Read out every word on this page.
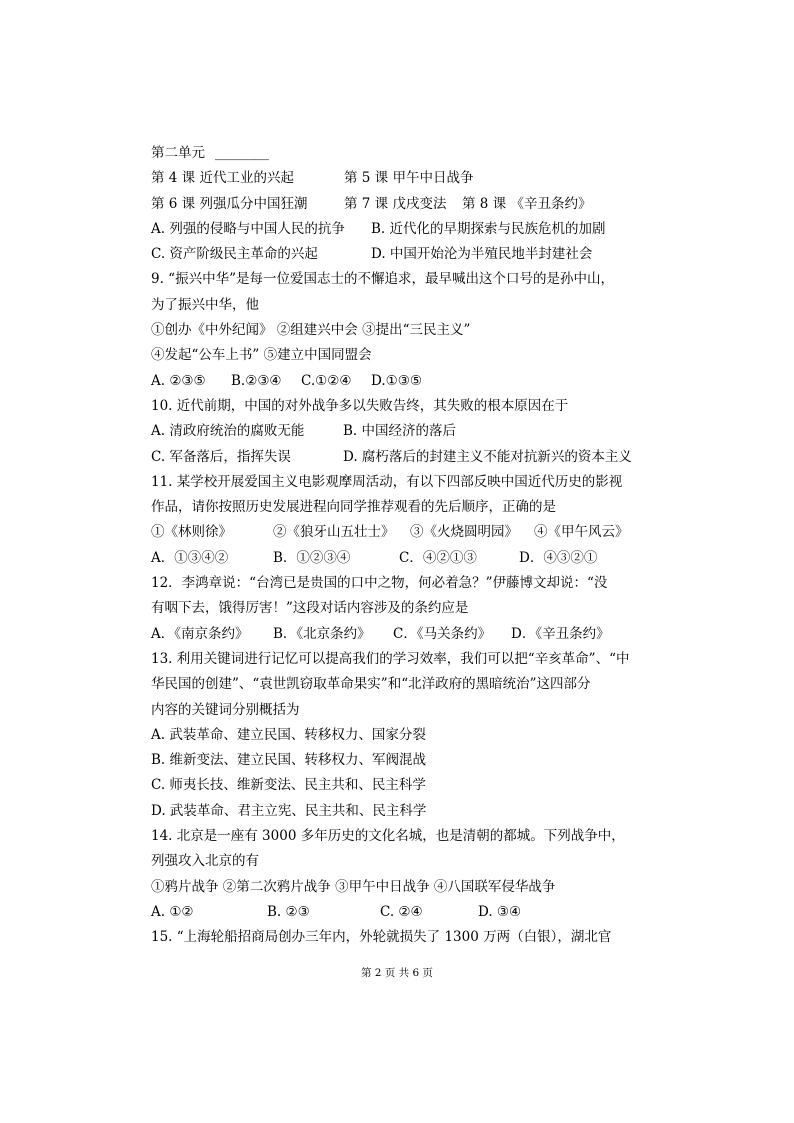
第二单元 ________
第 4 课 近代工业的兴起	第 5 课 甲午中日战争
第 6 课 列强瓜分中国狂潮	第 7 课 戊戌变法	第 8 课 《辛丑条约》
A. 列强的侵略与中国人民的抗争	B. 近代化的早期探索与民族危机的加剧
C. 资产阶级民主革命的兴起	D. 中国开始沦为半殖民地半封建社会
9. “振兴中华”是每一位爱国志士的不懈追求，最早喊出这个口号的是孙中山，
为了振兴中华，他
①创办《中外纪闻》 ②组建兴中会 ③提出“三民主义”
④发起“公车上书” ⑤建立中国同盟会
A. ②③⑤	B.②③④	C.①②④	D.①③⑤
10. 近代前期，中国的对外战争多以失败告终，其失败的根本原因在于
A. 清政府统治的腐败无能	B. 中国经济的落后
C. 军备落后，指挥失误	D. 腐朽落后的封建主义不能对抗新兴的资本主义
11. 某学校开展爱国主义电影观摩周活动，有以下四部反映中国近代历史的影视
作品，请你按照历史发展进程向同学推荐观看的先后顺序，正确的是
①《林则徐》	②《狼牙山五壮士》	③《火烧圆明园》	④《甲午风云》
A．①③④②	B．①②③④	C．④②①③	D．④③②①
12．李鸿章说：“台湾已是贵国的口中之物，何必着急？”伊藤博文却说：“没
有咽下去，饿得厉害！”这段对话内容涉及的条约应是
A．《南京条约》	B．《北京条约》	C．《马关条约》	D．《辛丑条约》
13. 利用关键词进行记忆可以提高我们的学习效率，我们可以把“辛亥革命”、“中
华民国的创建”、“袁世凯窃取革命果实”和“北洋政府的黑暗统治”这四部分
内容的关键词分别概括为
A. 武装革命、建立民国、转移权力、国家分裂
B. 维新变法、建立民国、转移权力、军阀混战
C. 师夷长技、维新变法、民主共和、民主科学
D. 武装革命、君主立宪、民主共和、民主科学
14. 北京是一座有 3000 多年历史的文化名城，也是清朝的都城。下列战争中，
列强攻入北京的有
①鸦片战争 ②第二次鸦片战争 ③甲午中日战争 ④八国联军侵华战争
A. ①②	B. ②③	C. ②④	D. ③④
15. “上海轮船招商局创办三年内，外轮就损失了 1300 万两（白银），湖北官
第 2 页 共 6 页
